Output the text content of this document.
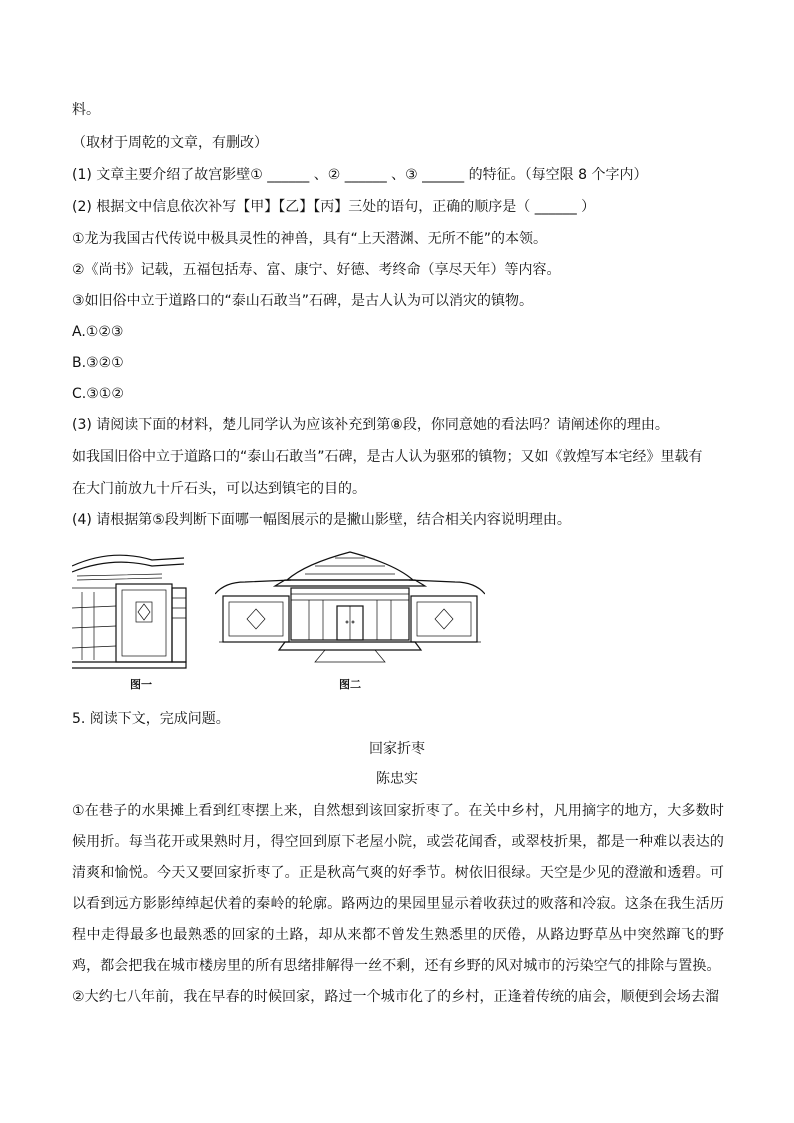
料。
（取材于周乾的文章，有删改）
(1) 文章主要介绍了故宫影壁① ______ 、② ______ 、③ ______ 的特征。（每空限 8 个字内）
(2) 根据文中信息依次补写【甲】【乙】【丙】三处的语句，正确的顺序是（ ______ ）
①龙为我国古代传说中极具灵性的神兽，具有“上天潜渊、无所不能”的本领。
②《尚书》记载，五福包括寿、富、康宁、好德、考终命（享尽天年）等内容。
③如旧俗中立于道路口的“泰山石敢当”石碑，是古人认为可以消灾的镇物。
A.①②③
B.③②①
C.③①②
(3) 请阅读下面的材料，楚儿同学认为应该补充到第⑧段，你同意她的看法吗？请阐述你的理由。
如我国旧俗中立于道路口的“泰山石敢当”石碑，是古人认为驱邪的镇物；又如《敦煌写本宅经》里载有
在大门前放九十斤石头，可以达到镇宅的目的。
(4) 请根据第⑤段判断下面哪一幅图展示的是撇山影壁，结合相关内容说明理由。
图一	图二
5. 阅读下文，完成问题。
回家折枣
陈忠实
①在巷子的水果摊上看到红枣摆上来，自然想到该回家折枣了。在关中乡村，凡用摘字的地方，大多数时候用折。每当花开或果熟时月，得空回到原下老屋小院，或尝花闻香，或翠枝折果，都是一种难以表达的清爽和愉悦。今天又要回家折枣了。正是秋高气爽的好季节。树依旧很绿。天空是少见的澄澈和透碧。可以看到远方影影绰绰起伏着的秦岭的轮廓。路两边的果园里显示着收获过的败落和冷寂。这条在我生活历程中走得最多也最熟悉的回家的土路，却从来都不曾发生熟悉里的厌倦，从路边野草丛中突然蹿飞的野鸡，都会把我在城市楼房里的所有思绪排解得一丝不剩，还有乡野的风对城市的污染空气的排除与置换。
②大约七八年前，我在早春的时候回家，路过一个城市化了的乡村，正逢着传统的庙会，顺便到会场去溜
